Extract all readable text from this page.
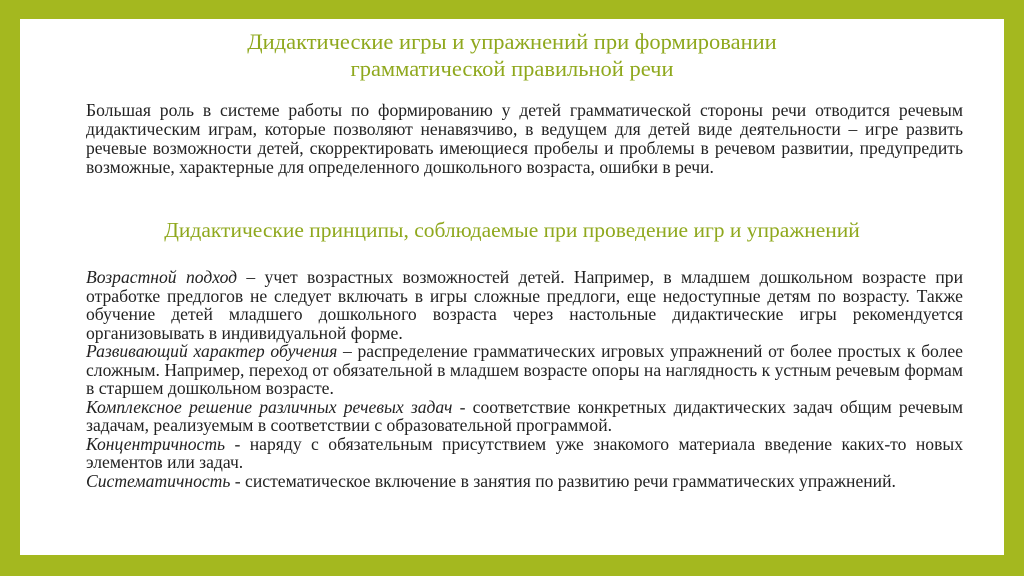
Дидактические игры и упражнений при формировании
грамматической правильной речи

Большая роль в системе работы по формированию у детей грамматической стороны речи отводится речевым дидактическим играм, которые позволяют ненавязчиво, в ведущем для детей виде деятельности – игре развить речевые возможности детей, скорректировать имеющиеся пробелы и проблемы в речевом развитии, предупредить возможные, характерные для определенного дошкольного возраста, ошибки в речи.

Дидактические принципы, соблюдаемые при проведение игр и упражнений

Возрастной подход – учет возрастных возможностей детей. Например, в младшем дошкольном возрасте при отработке предлогов не следует включать в игры сложные предлоги, еще недоступные детям по возрасту. Также обучение детей младшего дошкольного возраста через настольные дидактические игры рекомендуется организовывать в индивидуальной форме.

Развивающий характер обучения – распределение грамматических игровых упражнений от более простых к более сложным. Например, переход от обязательной в младшем возрасте опоры на наглядность к устным речевым формам в старшем дошкольном возрасте.

Комплексное решение различных речевых задач - соответствие конкретных дидактических задач общим речевым задачам, реализуемым в соответствии с образовательной программой.

Концентричность - наряду с обязательным присутствием уже знакомого материала введение каких-то новых элементов или задач.

Систематичность - систематическое включение в занятия по развитию речи грамматических упражнений.
